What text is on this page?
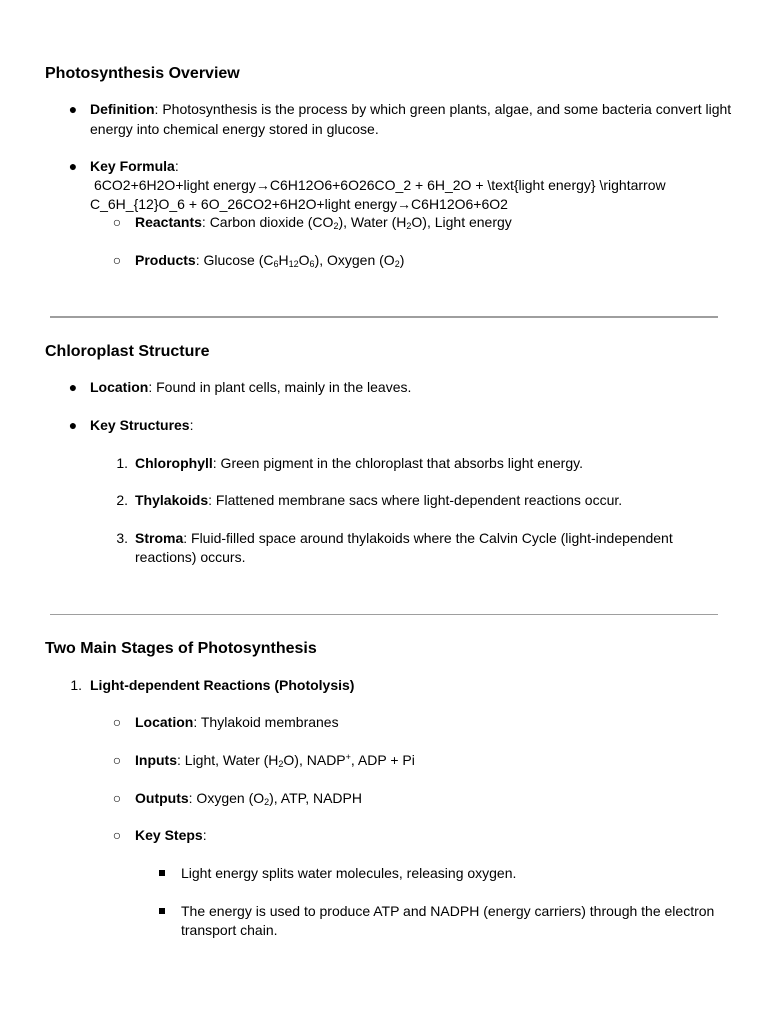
Photosynthesis Overview
● Definition: Photosynthesis is the process by which green plants, algae, and some bacteria convert light
energy into chemical energy stored in glucose.
● Key Formula:
6CO2+6H2O+light energy→C6H12O6+6O26CO_2 + 6H_2O + \text{light energy} \rightarrow
C_6H_{12}O_6 + 6O_26CO2+6H2O+light energy→C6H12O6+6O2
○ Reactants: Carbon dioxide $(CO_2)$, Water $(H_2O)$, Light energy
○ Products: Glucose $(C_6H_{12}O_6)$, Oxygen $(O_2)$
Chloroplast Structure
● Location: Found in plant cells, mainly in the leaves.
● Key Structures:
1. Chlorophyll: Green pigment in the chloroplast that absorbs light energy.
2. Thylakoids: Flattened membrane sacs where light-dependent reactions occur.
3. Stroma: Fluid-filled space around thylakoids where the Calvin Cycle (light-independent
reactions) occurs.
Two Main Stages of Photosynthesis
1. Light-dependent Reactions (Photolysis)
○ Location: Thylakoid membranes
○ Inputs: Light, Water $(H_2O)$, NADP+, ADP + Pi
○ Outputs: Oxygen $(O_2)$, ATP, NADPH
○ Key Steps:
Light energy splits water molecules, releasing oxygen.
The energy is used to produce ATP and NADPH (energy carriers) through the electron
transport chain.
